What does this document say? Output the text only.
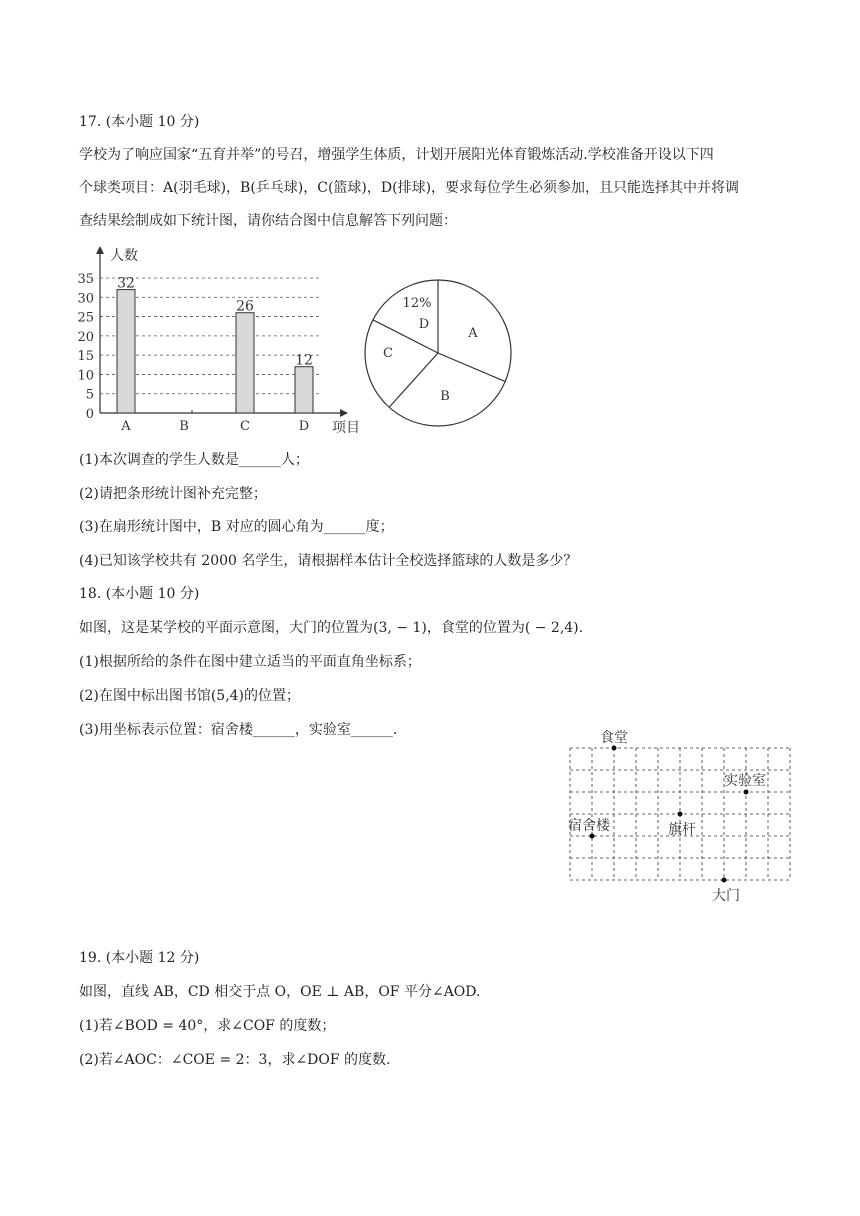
17. (本小题 10 分)
学校为了响应国家“五育并举”的号召，增强学生体质，计划开展阳光体育锻炼活动.学校准备开设以下四
个球类项目：A(羽毛球)，B(乒乓球)，C(篮球)，D(排球)，要求每位学生必须参加，且只能选择其中并将调
查结果绘制成如下统计图，请你结合图中信息解答下列问题：
0
5
10
15
20
25
30
35
人数
项目
A
32
B	C
26
D
12
A
B
C
D
12%
(1)本次调查的学生人数是______人；
(2)请把条形统计图补充完整；
(3)在扇形统计图中，B 对应的圆心角为______度；
(4)已知该学校共有 2000 名学生，请根据样本估计全校选择篮球的人数是多少？
18. (本小题 10 分)
如图，这是某学校的平面示意图，大门的位置为(3, − 1)，食堂的位置为( − 2,4).
(1)根据所给的条件在图中建立适当的平面直角坐标系；
(2)在图中标出图书馆(5,4)的位置；
(3)用坐标表示位置：宿舍楼______，实验室______.	食堂
实验室
宿舍楼	旗杆
大门
19. (本小题 12 分)
如图，直线 AB，CD 相交于点 O，OE ⊥ AB，OF 平分∠AOD.
(1)若∠BOD = 40°，求∠COF 的度数；
(2)若∠AOC：∠COE = 2：3，求∠DOF 的度数.
